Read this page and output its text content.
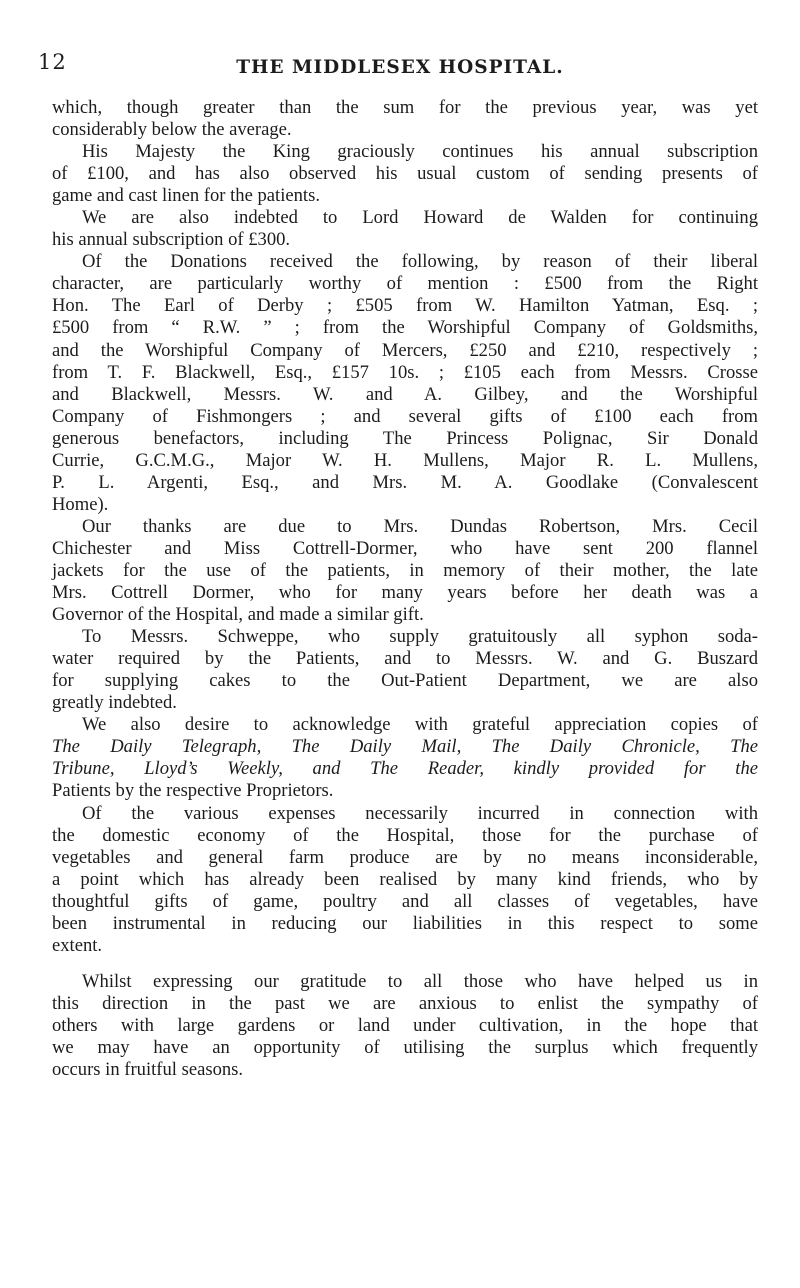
12	THE MIDDLESEX HOSPITAL.

which, though greater than the sum for the previous year, was yet
considerably below the average.

His Majesty the King graciously continues his annual subscription
of £100, and has also observed his usual custom of sending presents of
game and cast linen for the patients.

We are also indebted to Lord Howard de Walden for continuing
his annual subscription of £300.

Of the Donations received the following, by reason of their liberal
character, are particularly worthy of mention : £500 from the Right
Hon. The Earl of Derby ; £505 from W. Hamilton Yatman, Esq. ;
£500 from “ R.W. ” ; from the Worshipful Company of Goldsmiths,
and the Worshipful Company of Mercers, £250 and £210, respectively ;
from T. F. Blackwell, Esq., £157 10s. ; £105 each from Messrs. Crosse
and Blackwell, Messrs. W. and A. Gilbey, and the Worshipful
Company of Fishmongers ; and several gifts of £100 each from
generous benefactors, including The Princess Polignac, Sir Donald
Currie, G.C.M.G., Major W. H. Mullens, Major R. L. Mullens,
P. L. Argenti, Esq., and Mrs. M. A. Goodlake (Convalescent
Home).

Our thanks are due to Mrs. Dundas Robertson, Mrs. Cecil
Chichester and Miss Cottrell-Dormer, who have sent 200 flannel
jackets for the use of the patients, in memory of their mother, the late
Mrs. Cottrell Dormer, who for many years before her death was a
Governor of the Hospital, and made a similar gift.

To Messrs. Schweppe, who supply gratuitously all syphon soda-
water required by the Patients, and to Messrs. W. and G. Buszard
for supplying cakes to the Out-Patient Department, we are also
greatly indebted.

We also desire to acknowledge with grateful appreciation copies of
The Daily Telegraph, The Daily Mail, The Daily Chronicle, The
Tribune, Lloyd’s Weekly, and The Reader, kindly provided for the
Patients by the respective Proprietors.

Of the various expenses necessarily incurred in connection with
the domestic economy of the Hospital, those for the purchase of
vegetables and general farm produce are by no means inconsiderable,
a point which has already been realised by many kind friends, who by
thoughtful gifts of game, poultry and all classes of vegetables, have
been instrumental in reducing our liabilities in this respect to some
extent.

Whilst expressing our gratitude to all those who have helped us in
this direction in the past we are anxious to enlist the sympathy of
others with large gardens or land under cultivation, in the hope that
we may have an opportunity of utilising the surplus which frequently
occurs in fruitful seasons.
